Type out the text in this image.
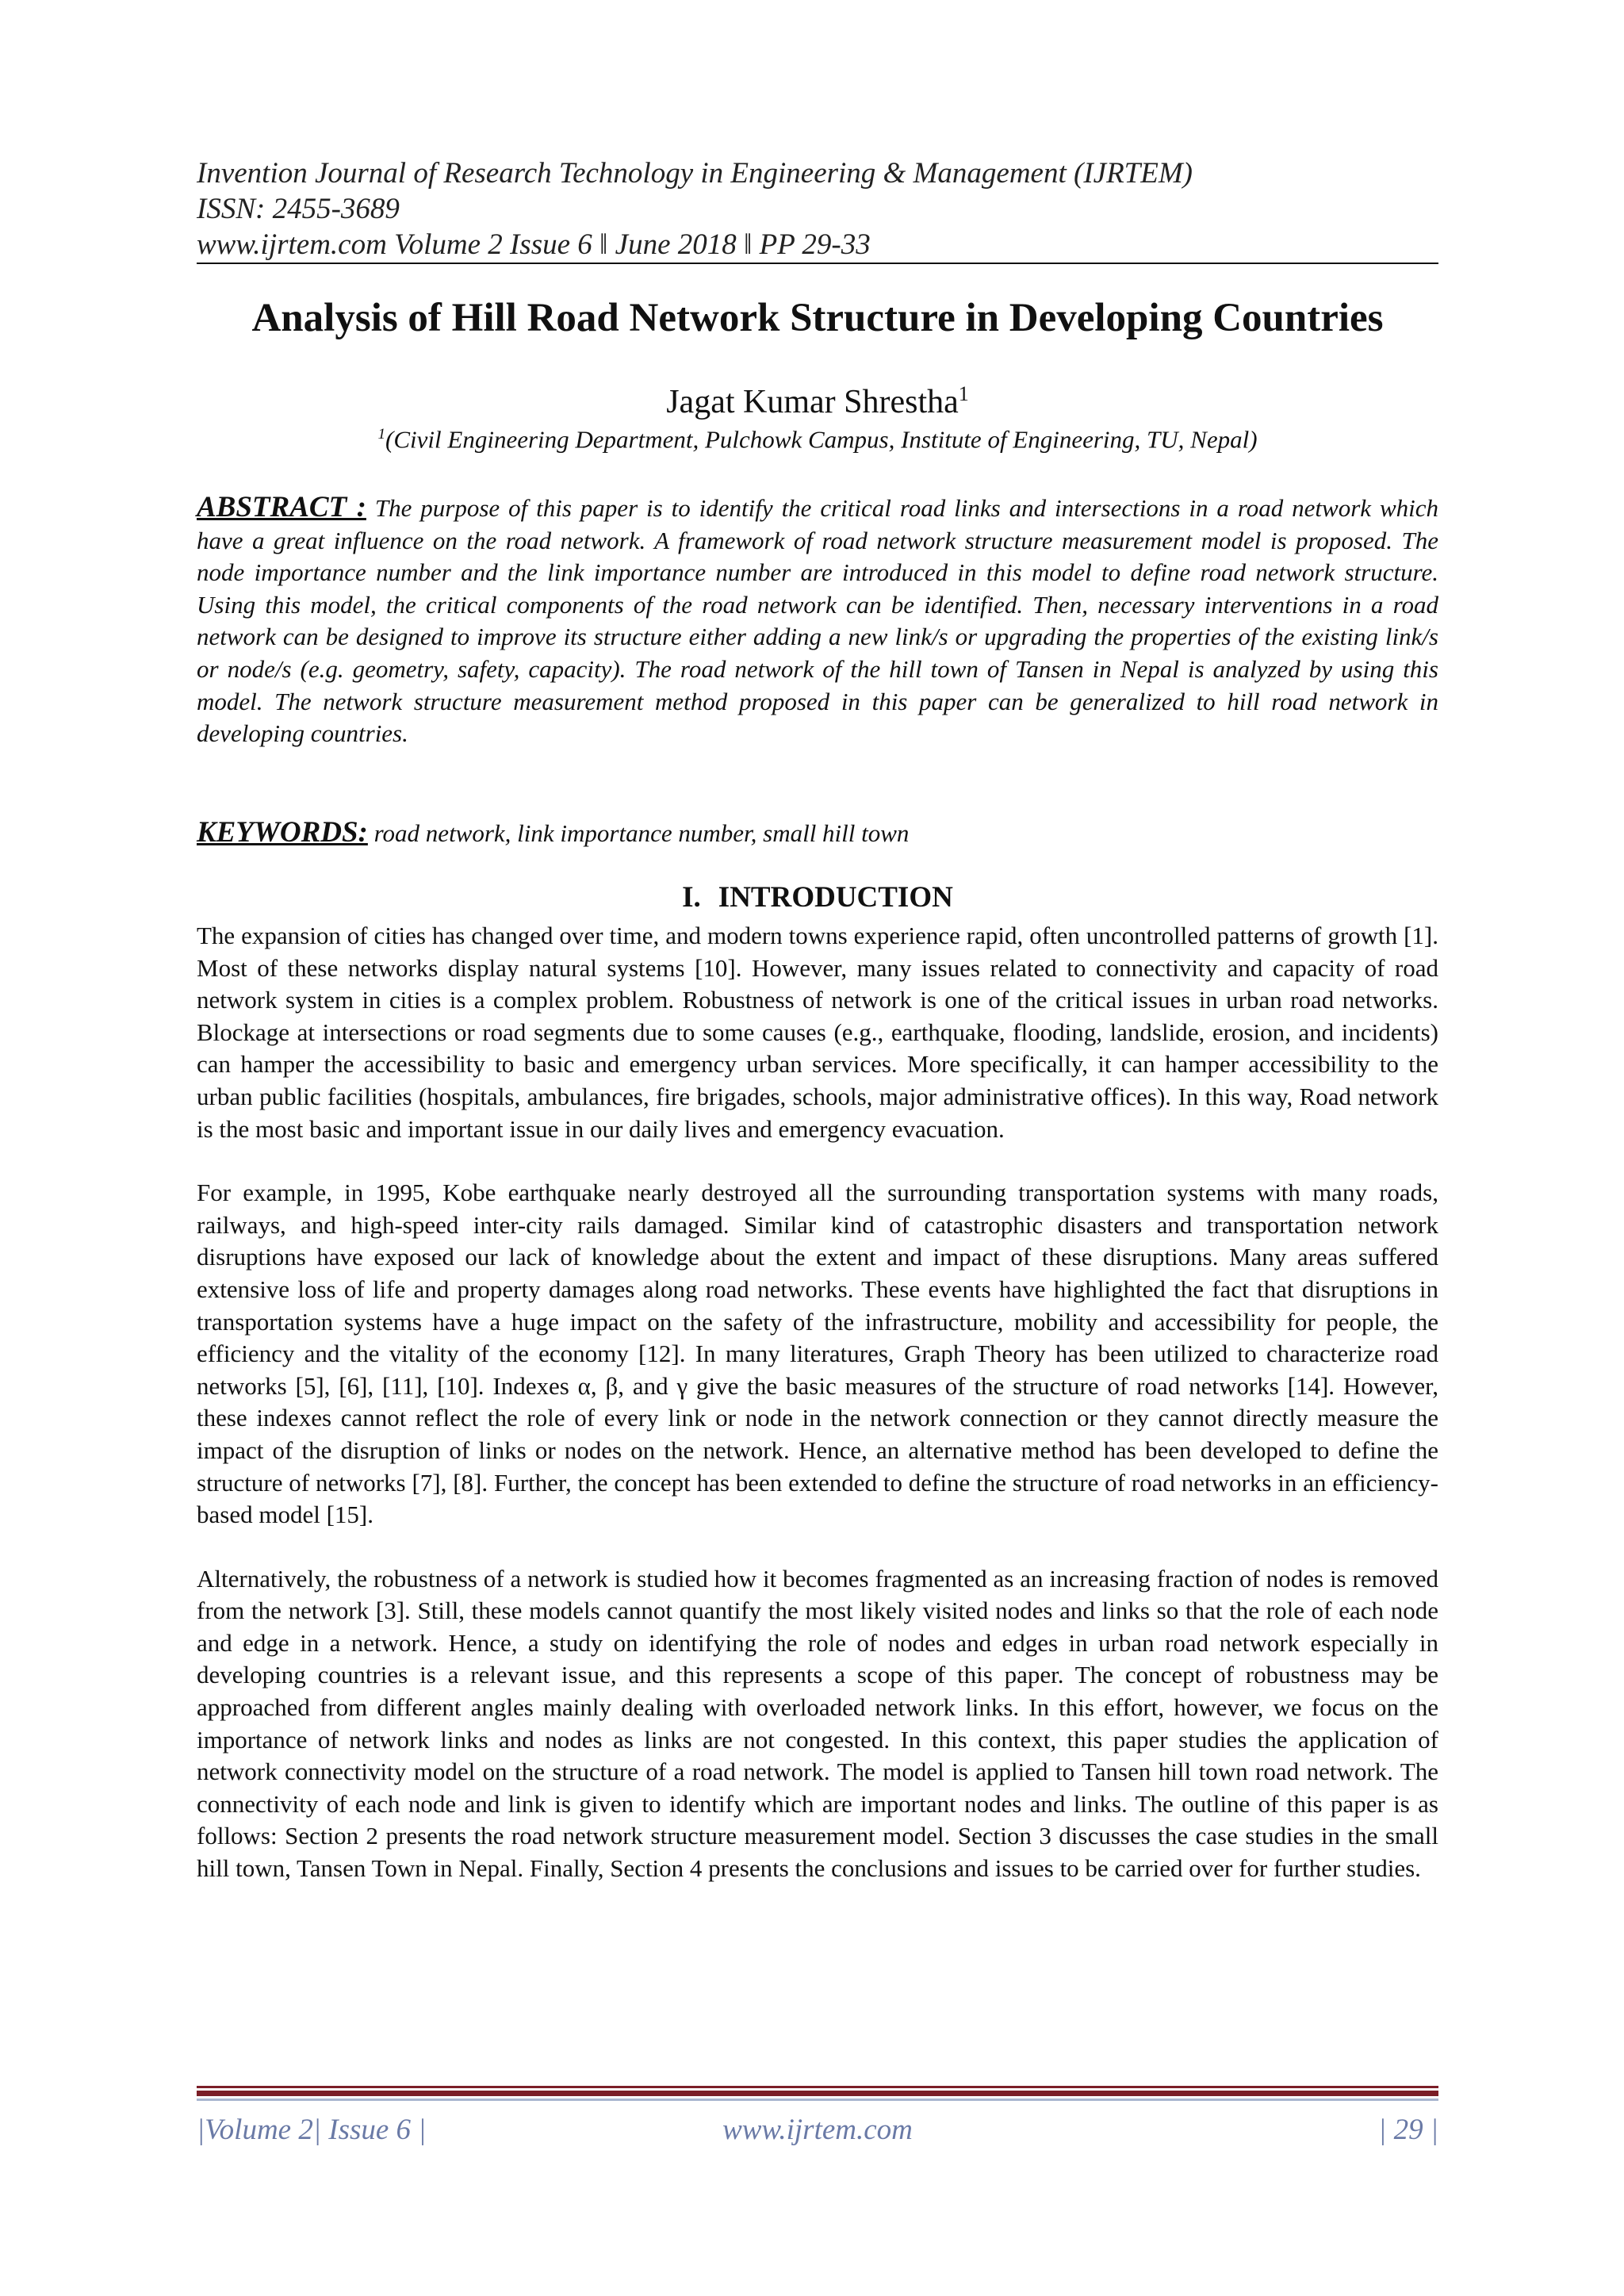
Invention Journal of Research Technology in Engineering & Management (IJRTEM)
ISSN: 2455-3689
www.ijrtem.com Volume 2 Issue 6 ǁ June 2018 ǁ PP 29-33
Analysis of Hill Road Network Structure in Developing Countries
Jagat Kumar Shrestha$^1$
$^1$(Civil Engineering Department, Pulchowk Campus, Institute of Engineering, TU, Nepal)

ABSTRACT : The purpose of this paper is to identify the critical road links and intersections in a road network which have a great influence on the road network. A framework of road network structure measurement model is proposed. The node importance number and the link importance number are introduced in this model to define road network structure. Using this model, the critical components of the road network can be identified. Then, necessary interventions in a road network can be designed to improve its structure either adding a new link/s or upgrading the properties of the existing link/s or node/s (e.g. geometry, safety, capacity). The road network of the hill town of Tansen in Nepal is analyzed by using this model. The network structure measurement method proposed in this paper can be generalized to hill road network in developing countries.

KEYWORDS: road network, link importance number, small hill town

I. INTRODUCTION

The expansion of cities has changed over time, and modern towns experience rapid, often uncontrolled patterns of growth [1]. Most of these networks display natural systems [10]. However, many issues related to connectivity and capacity of road network system in cities is a complex problem. Robustness of network is one of the critical issues in urban road networks. Blockage at intersections or road segments due to some causes (e.g., earthquake, flooding, landslide, erosion, and incidents) can hamper the accessibility to basic and emergency urban services. More specifically, it can hamper accessibility to the urban public facilities (hospitals, ambulances, fire brigades, schools, major administrative offices). In this way, Road network is the most basic and important issue in our daily lives and emergency evacuation.

For example, in 1995, Kobe earthquake nearly destroyed all the surrounding transportation systems with many roads, railways, and high-speed inter-city rails damaged. Similar kind of catastrophic disasters and transportation network disruptions have exposed our lack of knowledge about the extent and impact of these disruptions. Many areas suffered extensive loss of life and property damages along road networks. These events have highlighted the fact that disruptions in transportation systems have a huge impact on the safety of the infrastructure, mobility and accessibility for people, the efficiency and the vitality of the economy [12]. In many literatures, Graph Theory has been utilized to characterize road networks [5], [6], [11], [10]. Indexes α, β, and γ give the basic measures of the structure of road networks [14]. However, these indexes cannot reflect the role of every link or node in the network connection or they cannot directly measure the impact of the disruption of links or nodes on the network. Hence, an alternative method has been developed to define the structure of networks [7], [8]. Further, the concept has been extended to define the structure of road networks in an efficiency-based model [15].

Alternatively, the robustness of a network is studied how it becomes fragmented as an increasing fraction of nodes is removed from the network [3]. Still, these models cannot quantify the most likely visited nodes and links so that the role of each node and edge in a network. Hence, a study on identifying the role of nodes and edges in urban road network especially in developing countries is a relevant issue, and this represents a scope of this paper. The concept of robustness may be approached from different angles mainly dealing with overloaded network links. In this effort, however, we focus on the importance of network links and nodes as links are not congested. In this context, this paper studies the application of network connectivity model on the structure of a road network. The model is applied to Tansen hill town road network. The connectivity of each node and link is given to identify which are important nodes and links. The outline of this paper is as follows: Section 2 presents the road network structure measurement model. Section 3 discusses the case studies in the small hill town, Tansen Town in Nepal. Finally, Section 4 presents the conclusions and issues to be carried over for further studies.

|Volume 2| Issue 6 |	www.ijrtem.com	| 29 |
